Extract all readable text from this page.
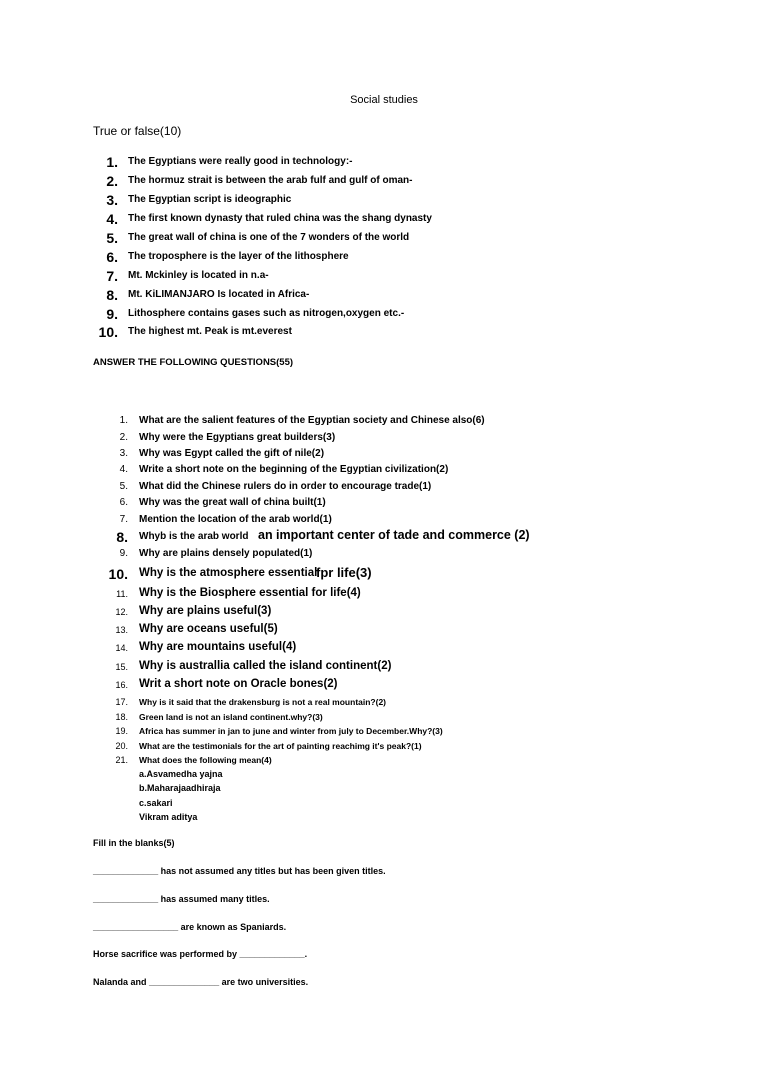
Social studies
True or false(10)
1. The Egyptians were really good in technology:-
2. The hormuz strait is between the arab fulf and gulf of oman-
3. The Egyptian script is ideographic
4. The first known dynasty that ruled china was the shang dynasty
5. The great wall of china is one of the 7 wonders of the world
6. The troposphere is the layer of the lithosphere
7. Mt. Mckinley is located in n.a-
8. Mt. KiLIMANJARO Is located in Africa-
9. Lithosphere contains gases such as nitrogen,oxygen etc.-
10. The highest mt. Peak is mt.everest
ANSWER THE FOLLOWING QUESTIONS(55)
1. What are the salient features of the Egyptian society and Chinese also(6)
2. Why were the Egyptians great builders(3)
3. Why was Egypt called the gift of nile(2)
4. Write a short note on the beginning of the Egyptian civilization(2)
5. What did the Chinese rulers do in order to encourage trade(1)
6. Why was the great wall of china built(1)
7. Mention the location of the arab world(1)
8. Whyb is the arab world an important center of tade and commerce (2)
9. Why are plains densely populated(1)
10. Why is the atmosphere essential
fpr life(3)
11. Why is the Biosphere essential for life(4)
12. Why are plains useful(3)
13. Why are oceans useful(5)
14. Why are mountains useful(4)
15. Why is australlia called the island continent(2)
16. Writ a short note on Oracle bones(2)
17. Why is it said that the drakensburg is not a real mountain?(2)
18. Green land is not an island continent.why?(3)
19. Africa has summer in jan to june and winter from july to December.Why?(3)
20. What are the testimonials for the art of painting reachimg it's peak?(1)
21. What does the following mean(4)
a.Asvamedha yajna
b.Maharajaadhiraja
c.sakari
Vikram aditya
Fill in the blanks(5)
_____________ has not assumed any titles but has been given titles.
_____________ has assumed many titles.
_________________ are known as Spaniards.
Horse sacrifice was performed by _____________.
Nalanda and ______________ are two universities.
